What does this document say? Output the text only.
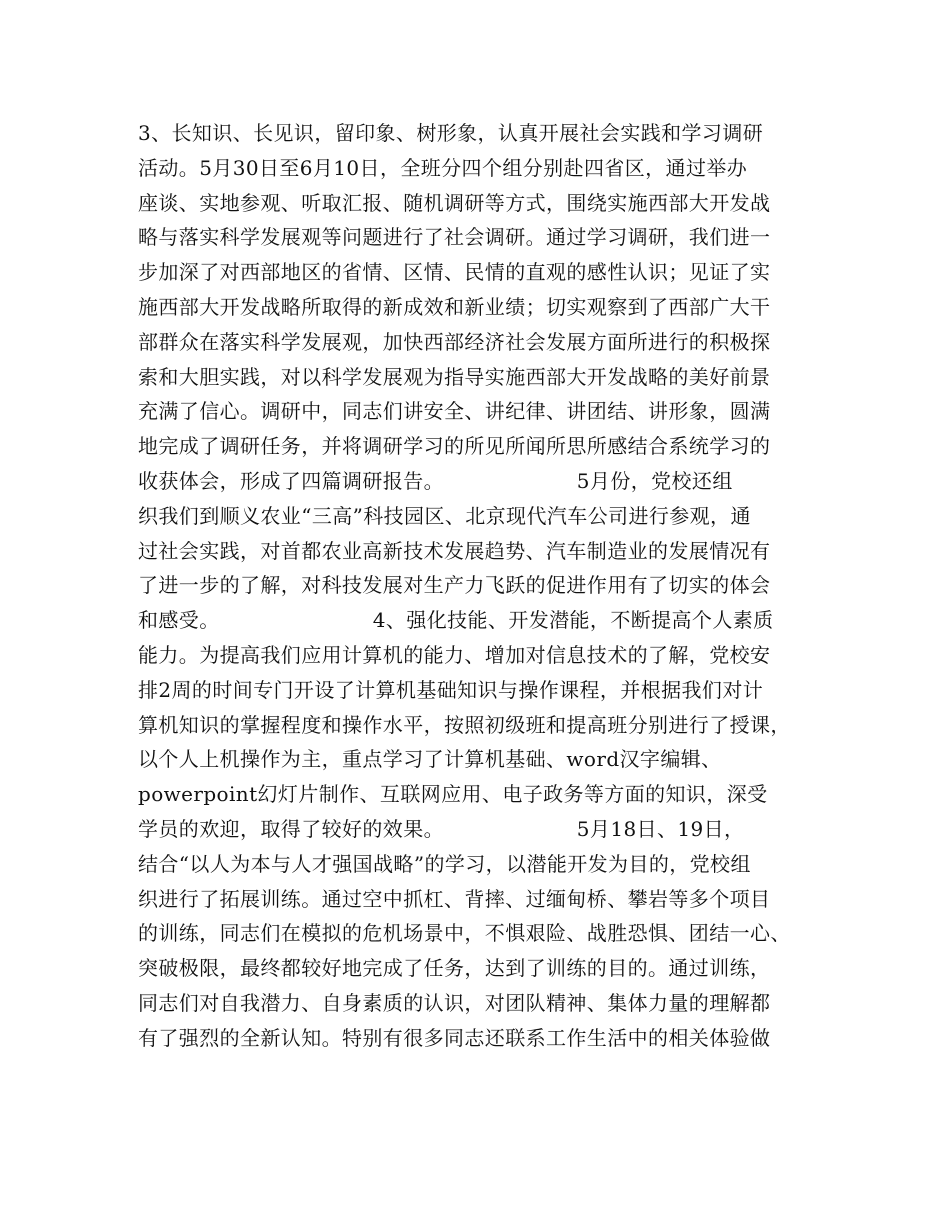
3、长知识、长见识，留印象、树形象，认真开展社会实践和学习调研
活动。5月30日至6月10日，全班分四个组分别赴四省区，通过举办
座谈、实地参观、听取汇报、随机调研等方式，围绕实施西部大开发战
略与落实科学发展观等问题进行了社会调研。通过学习调研，我们进一
步加深了对西部地区的省情、区情、民情的直观的感性认识；见证了实
施西部大开发战略所取得的新成效和新业绩；切实观察到了西部广大干
部群众在落实科学发展观，加快西部经济社会发展方面所进行的积极探
索和大胆实践，对以科学发展观为指导实施西部大开发战略的美好前景
充满了信心。调研中，同志们讲安全、讲纪律、讲团结、讲形象，圆满
地完成了调研任务，并将调研学习的所见所闻所思所感结合系统学习的
收获体会，形成了四篇调研报告。　　　　　　　5月份，党校还组
织我们到顺义农业“三高”科技园区、北京现代汽车公司进行参观，通
过社会实践，对首都农业高新技术发展趋势、汽车制造业的发展情况有
了进一步的了解，对科技发展对生产力飞跃的促进作用有了切实的体会
和感受。　　　　　　　　4、强化技能、开发潜能，不断提高个人素质
能力。为提高我们应用计算机的能力、增加对信息技术的了解，党校安
排2周的时间专门开设了计算机基础知识与操作课程，并根据我们对计
算机知识的掌握程度和操作水平，按照初级班和提高班分别进行了授课，
以个人上机操作为主，重点学习了计算机基础、word汉字编辑、
powerpoint幻灯片制作、互联网应用、电子政务等方面的知识，深受
学员的欢迎，取得了较好的效果。　　　　　　　5月18日、19日，
结合“以人为本与人才强国战略”的学习，以潜能开发为目的，党校组
织进行了拓展训练。通过空中抓杠、背摔、过缅甸桥、攀岩等多个项目
的训练，同志们在模拟的危机场景中，不惧艰险、战胜恐惧、团结一心、
突破极限，最终都较好地完成了任务，达到了训练的目的。通过训练，
同志们对自我潜力、自身素质的认识，对团队精神、集体力量的理解都
有了强烈的全新认知。特别有很多同志还联系工作生活中的相关体验做
